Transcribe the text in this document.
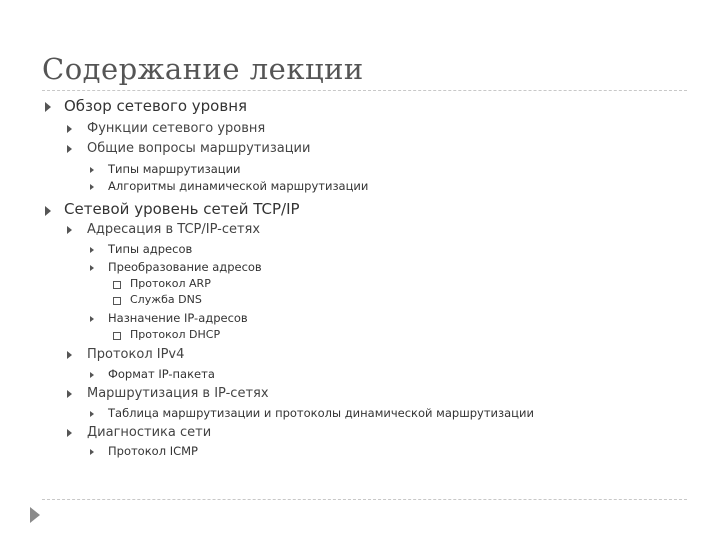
Содержание лекции
Обзор сетевого уровня
Функции сетевого уровня
Общие вопросы маршрутизации
Типы маршрутизации
Алгоритмы динамической маршрутизации
Сетевой уровень сетей TCP/IP
Адресация в TCP/IP-сетях
Типы адресов
Преобразование адресов
Протокол ARP
Служба DNS
Назначение IP-адресов
Протокол DHCP
Протокол IPv4
Формат IP-пакета
Маршрутизация в IP-сетях
Таблица маршрутизации и протоколы динамической маршрутизации
Диагностика сети
Протокол ICMP
